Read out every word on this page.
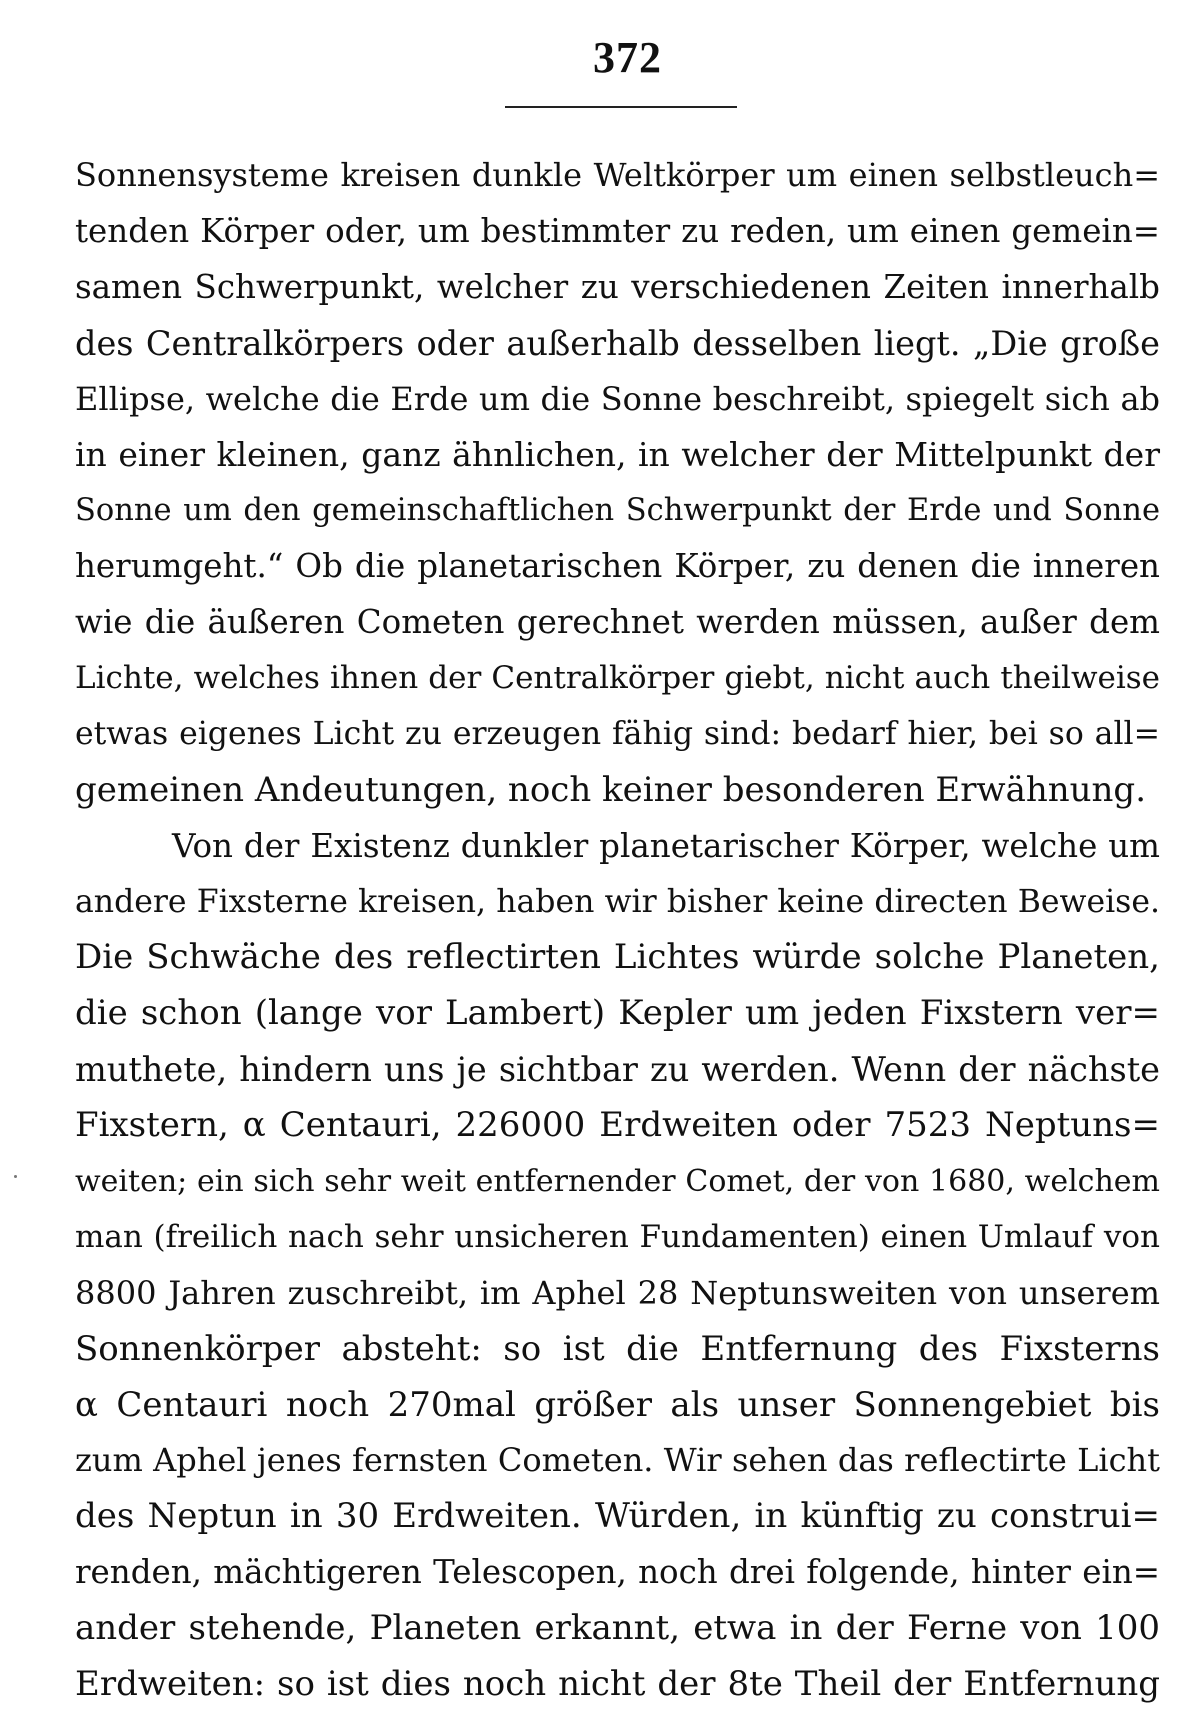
372
Sonnensysteme kreisen dunkle Weltkörper um einen selbstleuch=
tenden Körper oder, um bestimmter zu reden, um einen gemein=
samen Schwerpunkt, welcher zu verschiedenen Zeiten innerhalb
des Centralkörpers oder außerhalb desselben liegt. „Die große
Ellipse, welche die Erde um die Sonne beschreibt, spiegelt sich ab
in einer kleinen, ganz ähnlichen, in welcher der Mittelpunkt der
Sonne um den gemeinschaftlichen Schwerpunkt der Erde und Sonne
herumgeht.“ Ob die planetarischen Körper, zu denen die inneren
wie die äußeren Cometen gerechnet werden müssen, außer dem
Lichte, welches ihnen der Centralkörper giebt, nicht auch theilweise
etwas eigenes Licht zu erzeugen fähig sind: bedarf hier, bei so all=
gemeinen Andeutungen, noch keiner besonderen Erwähnung.
Von der Existenz dunkler planetarischer Körper, welche um
andere Fixsterne kreisen, haben wir bisher keine directen Beweise.
Die Schwäche des reflectirten Lichtes würde solche Planeten,
die schon (lange vor Lambert) Kepler um jeden Fixstern ver=
muthete, hindern uns je sichtbar zu werden. Wenn der nächste
Fixstern, α Centauri, 226000 Erdweiten oder 7523 Neptuns=
weiten; ein sich sehr weit entfernender Comet, der von 1680, welchem
man (freilich nach sehr unsicheren Fundamenten) einen Umlauf von
8800 Jahren zuschreibt, im Aphel 28 Neptunsweiten von unserem
Sonnenkörper absteht: so ist die Entfernung des Fixsterns
α Centauri noch 270mal größer als unser Sonnengebiet bis
zum Aphel jenes fernsten Cometen. Wir sehen das reflectirte Licht
des Neptun in 30 Erdweiten. Würden, in künftig zu construi=
renden, mächtigeren Telescopen, noch drei folgende, hinter ein=
ander stehende, Planeten erkannt, etwa in der Ferne von 100
Erdweiten: so ist dies noch nicht der 8te Theil der Entfernung
